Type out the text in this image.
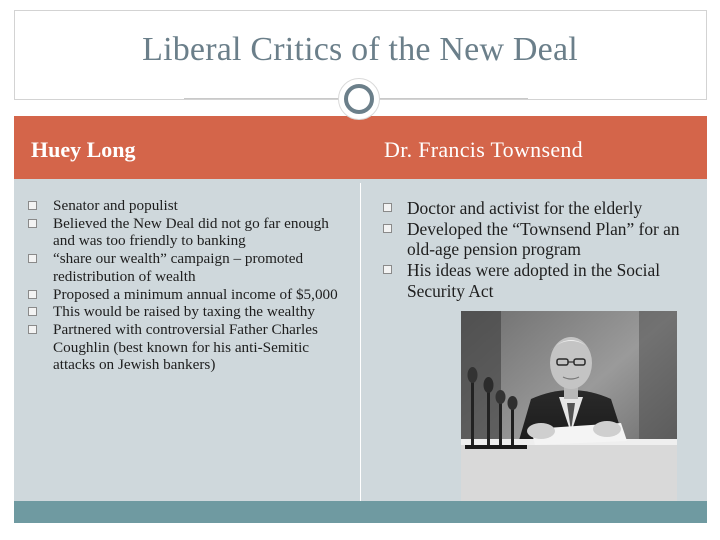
Liberal Critics of the New Deal
Huey Long	Dr. Francis Townsend
Senator and populist
Believed the New Deal did not go far enough and was too friendly to banking
“share our wealth” campaign – promoted redistribution of wealth
Proposed a minimum annual income of $5,000
This would be raised by taxing the wealthy
Partnered with controversial Father Charles Coughlin (best known for his anti-Semitic attacks on Jewish bankers)
Doctor and activist for the elderly
Developed the “Townsend Plan” for an old-age pension program
His ideas were adopted in the Social Security Act
